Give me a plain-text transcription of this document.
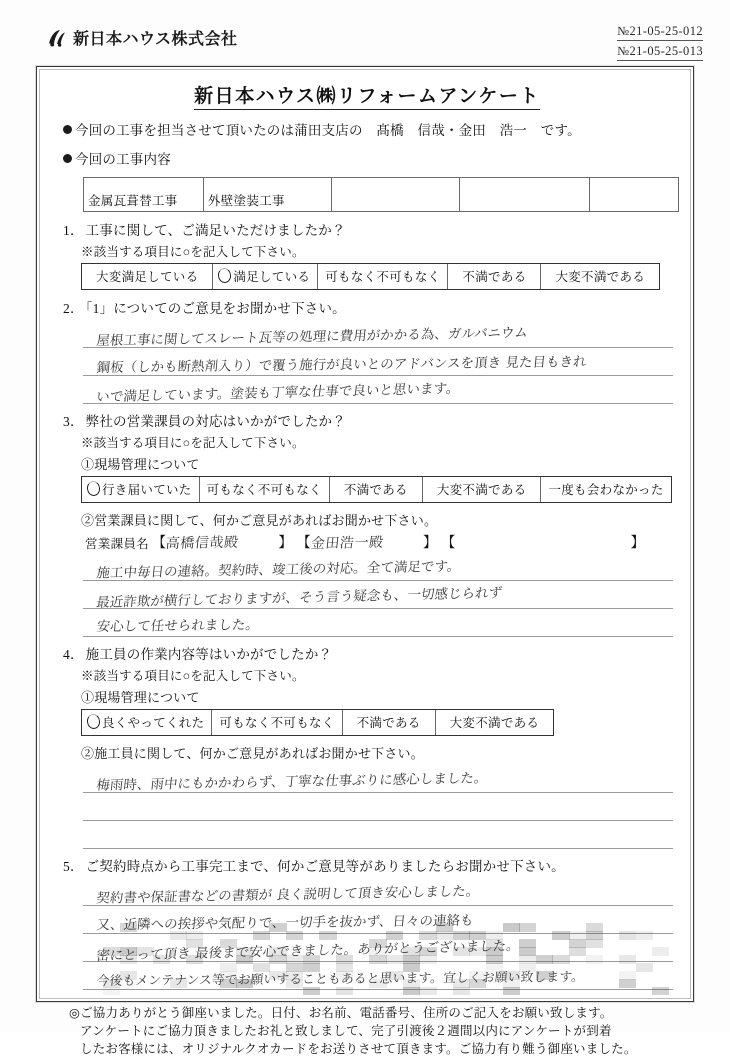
新日本ハウス株式会社	№21-05-25-012
№21-05-25-013
新日本ハウス㈱リフォームアンケート
今回の工事を担当させて頂いたのは蒲田支店の　髙橋　信哉・金田　浩一　です。
今回の工事内容
金属瓦葺替工事	外壁塗装工事			
1． 工事に関して、ご満足いただけましたか？
※該当する項目に○を記入して下さい。
大変満足している	満足している	可もなく不可もなく	不満である	大変不満である
2． 「1」についてのご意見をお聞かせ下さい。
屋根工事に関してスレート瓦等の処理に費用がかかる為、ガルバニウム
鋼板（しかも断熱剤入り）で覆う施行が良いとのアドバンスを頂き 見た目もきれ
いで満足しています。塗装も丁寧な仕事で良いと思います。
3． 弊社の営業課員の対応はいかがでしたか？
※該当する項目に○を記入して下さい。
①現場管理について
行き届いていた	可もなく不可もなく	不満である	大変不満である	一度も会わなかった
②営業課員に関して、何かご意見があればお聞かせ下さい。
営業課員名 【
高橋信哉殿	】 【
金田浩一殿	】 【	】
施工中毎日の連絡。契約時、竣工後の対応。全て満足です。
最近詐欺が横行しておりますが、そう言う疑念も、一切感じられず
安心して任せられました。
4． 施工員の作業内容等はいかがでしたか？
※該当する項目に○を記入して下さい。
①現場管理について
良くやってくれた	可もなく不可もなく	不満である	大変不満である
②施工員に関して、何かご意見があればお聞かせ下さい。
梅雨時、雨中にもかかわらず、丁寧な仕事ぶりに感心しました。
5． ご契約時点から工事完工まで、何かご意見等がありましたらお聞かせ下さい。
契約書や保証書などの書類が 良く説明して頂き安心しました。
又、近隣への挨拶や気配りで、一切手を抜かず、日々の連絡も
密にとって頂き 最後まで安心できました。ありがとうございました。
今後もメンテナンス等でお願いすることもあると思います。宜しくお願い致します。
◎ご協力ありがとう御座いました。日付、お名前、電話番号、住所のご記入をお願い致します。
アンケートにご協力頂きましたお礼と致しまして、完了引渡後２週間以内にアンケートが到着
したお客様には、オリジナルクオカードをお送りさせて頂きます。ご協力有り難う御座いました。
